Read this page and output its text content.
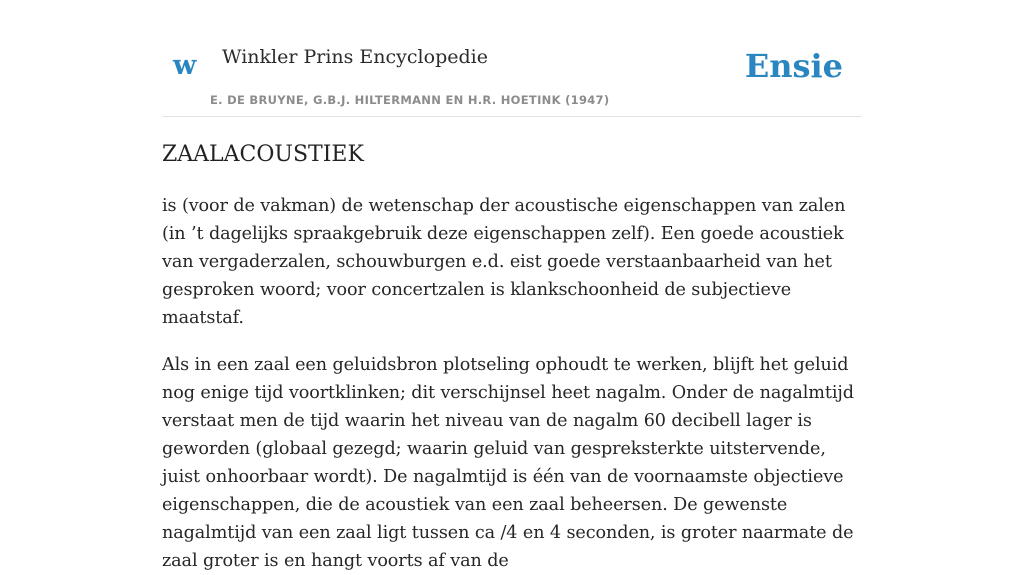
w Winkler Prins Encyclopedie
E. DE BRUYNE, G.B.J. HILTERMANN EN H.R. HOETINK (1947)
Ensie
ZAALACOUSTIEK

is (voor de vakman) de wetenschap der acoustische eigenschappen van zalen (in ’t dagelijks spraakgebruik deze eigenschappen zelf). Een goede acoustiek van vergaderzalen, schouwburgen e.d. eist goede verstaanbaarheid van het gesproken woord; voor concertzalen is klankschoonheid de subjectieve maatstaf.

Als in een zaal een geluidsbron plotseling ophoudt te werken, blijft het geluid nog enige tijd voortklinken; dit verschijnsel heet nagalm. Onder de nagalmtijd verstaat men de tijd waarin het niveau van de nagalm 60 decibell lager is geworden (globaal gezegd; waarin geluid van gespreksterkte uitstervende, juist onhoorbaar wordt). De nagalmtijd is één van de voornaamste objectieve eigenschappen, die de acoustiek van een zaal beheersen. De gewenste nagalmtijd van een zaal ligt tussen ca /4 en 4 seconden, is groter naarmate de zaal groter is en hangt voorts af van de
